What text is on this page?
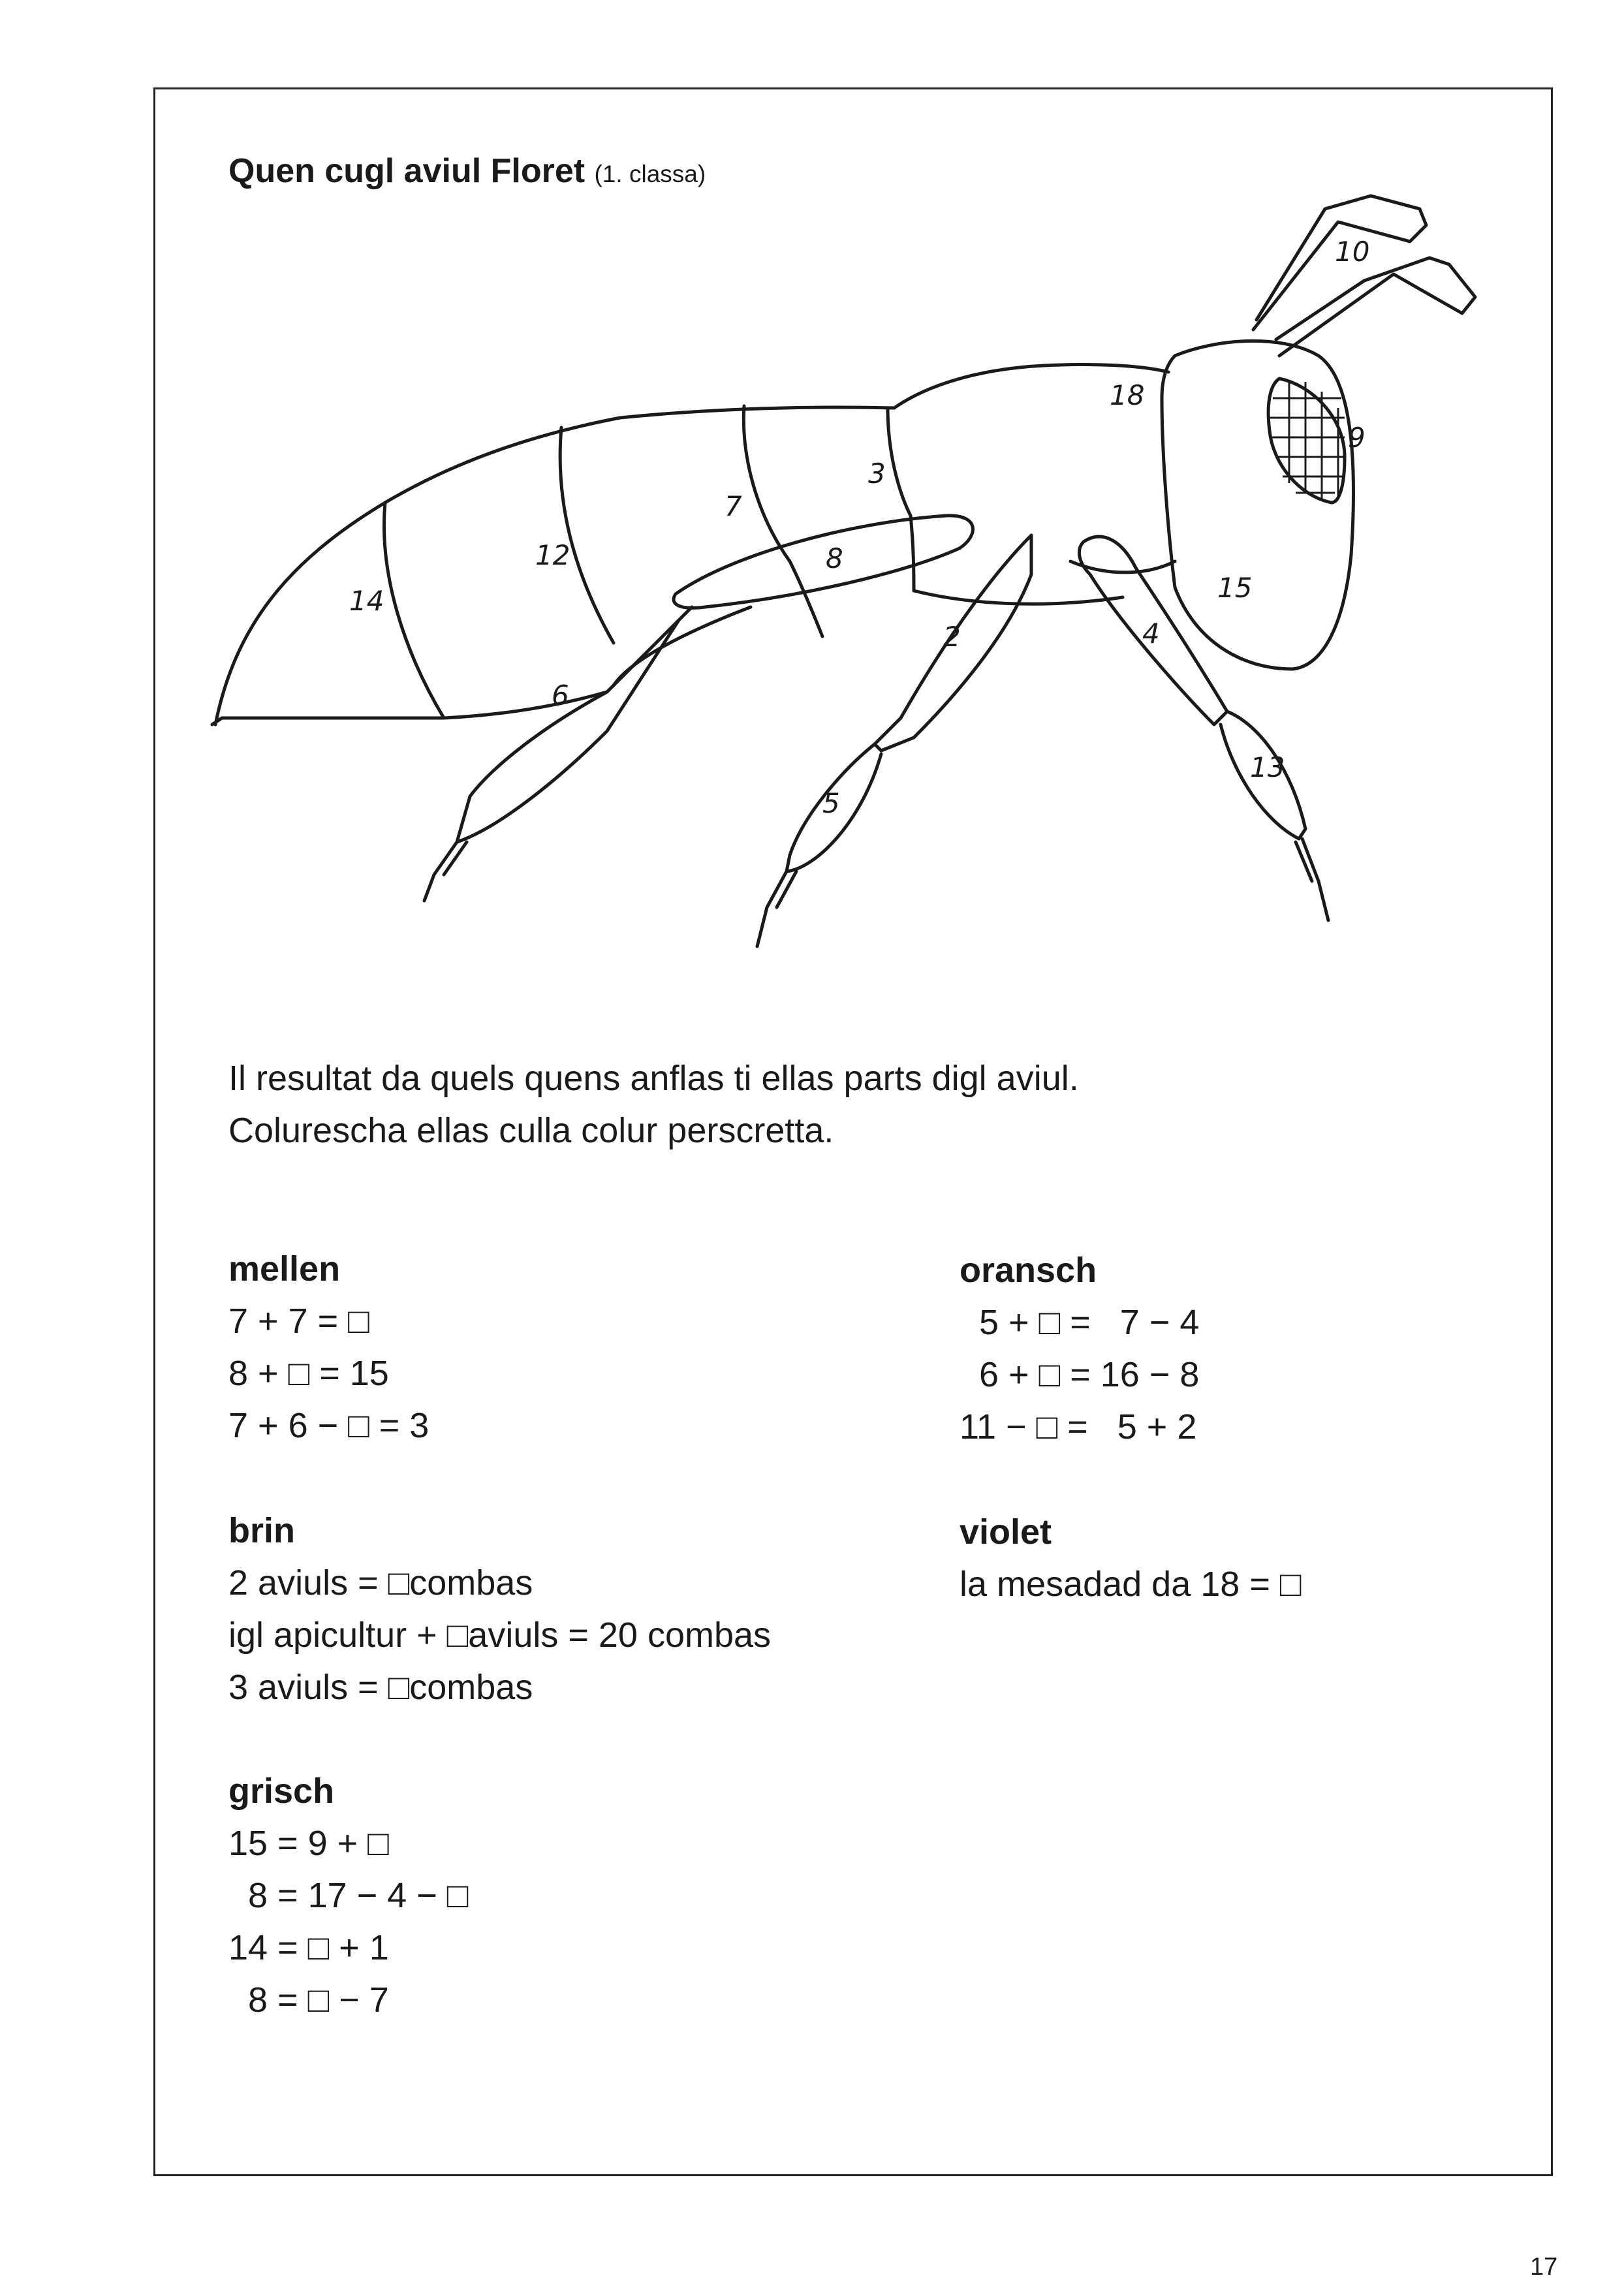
Quen cugl aviul Floret (1. classa)
10
18
9
3
7
12
14
8
15
2	4
6
13
5
Il resultat da quels quens anflas ti ellas parts digl aviul.
Colurescha ellas culla colur perscretta.
mellen
7 + 7 = □
8 + □ = 15
7 + 6 − □ = 3
oransch
5 + □ =   7 − 4
6 + □ = 16 − 8
11 − □ =   5 + 2
brin
2 aviuls = □combas
igl apicultur + □aviuls = 20 combas
3 aviuls = □combas
violet
la mesadad da 18 = □
grisch
15 = 9 + □
8 = 17 − 4 − □
14 = □ + 1
8 = □ − 7
17
